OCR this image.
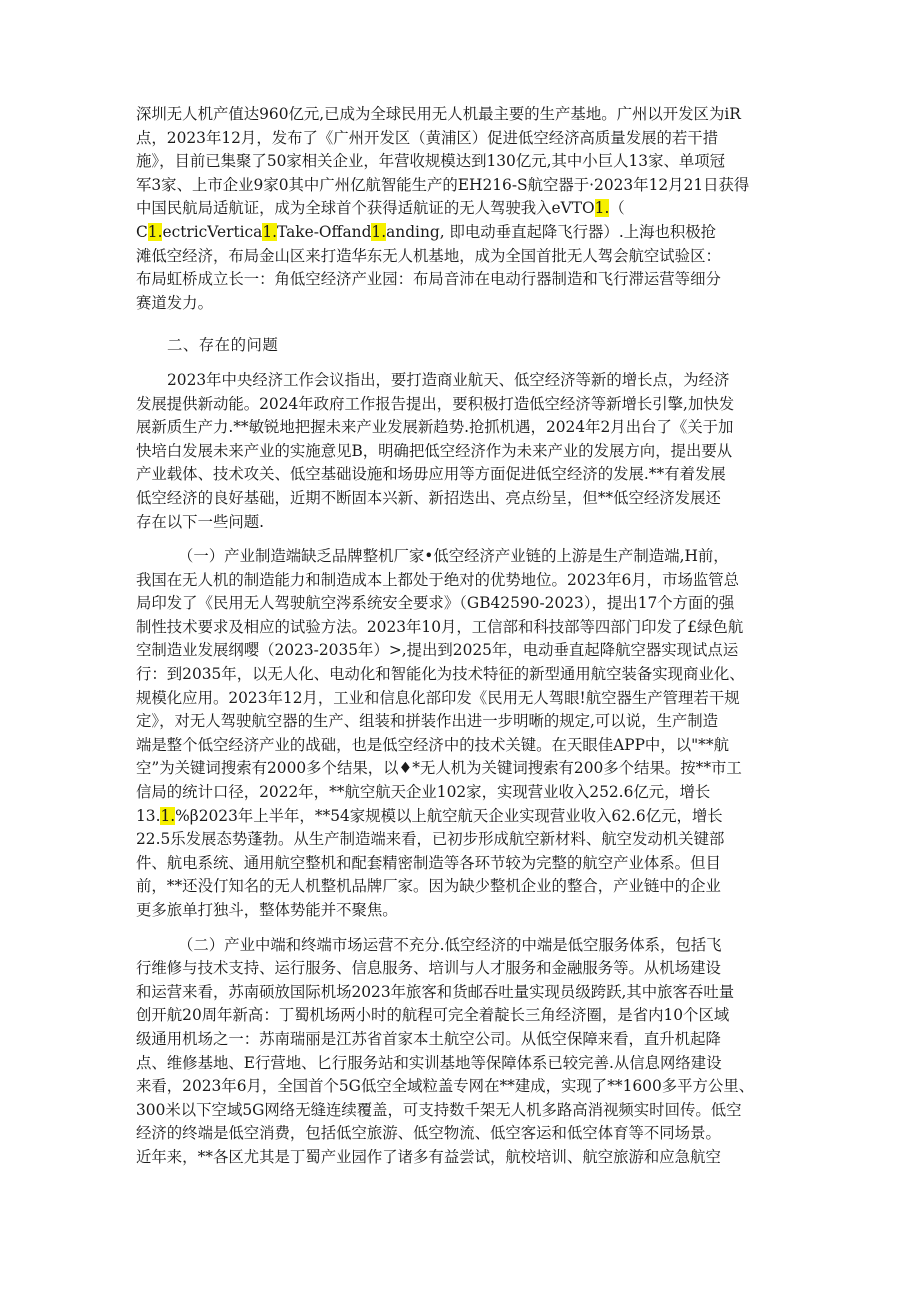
深圳无人机产值达960亿元,已成为全球民用无人机最主要的生产基地。广州以开发区为iR
点，2023年12月，发布了《广州开发区（黄浦区）促进低空经济高质量发展的若干措
施》，目前已集聚了50家相关企业，年营收规模达到130亿元,其中小巨人13家、单项冠
军3家、上市企业9家0其中广州亿航智能生产的EH216-S航空器于·2023年12月21日获得
中国民航局适航证，成为全球首个获得适航证的无人驾驶我入eVTO1.（
C1.ectricVertica1.Take-Offand1.anding, 即电动垂直起降飞行器）.上海也积极抢
滩低空经济，布局金山区来打造华东无人机基地，成为全国首批无人驾会航空试验区：
布局虹桥成立长一：角低空经济产业园：布局音沛在电动行器制造和飞行滞运营等细分
赛道发力。
二、存在的问题
2023年中央经济工作会议指出，要打造商业航天、低空经济等新的增长点，为经济
发展提供新动能。2024年政府工作报告提出，要积极打造低空经济等新增长引擎,加快发
展新质生产力.**敏锐地把握未来产业发展新趋势.抢抓机遇，2024年2月出台了《关于加
快培白发展未来产业的实施意见B，明确把低空经济作为未来产业的发展方向，提出要从
产业载体、技术攻关、低空基础设施和场毋应用等方面促进低空经济的发展.**有着发展
低空经济的良好基础，近期不断固本兴新、新招迭出、亮点纷呈，但**低空经济发展还
存在以下一些问题.
（一）产业制造端缺乏品牌整机厂家•低空经济产业链的上游是生产制造端,H前，
我国在无人机的制造能力和制造成本上都处于绝对的优势地位。2023年6月，市场监管总
局印发了《民用无人驾驶航空涔系统安全要求》（GB42590-2023），提出17个方面的强
制性技术要求及相应的试验方法。2023年10月，工信部和科技部等四部门印发了£绿色航
空制造业发展纲嘤（2023-2035年）>,提出到2025年，电动垂直起降航空器实现试点运
行：到2035年，以无人化、电动化和智能化为技术特征的新型通用航空装备实现商业化、
规模化应用。2023年12月，工业和信息化部印发《民用无人驾眼!航空器生产管理若干规
定》，对无人驾驶航空器的生产、组装和拼装作出进一步明晰的规定,可以说，生产制造
端是整个低空经济产业的战础，也是低空经济中的技术关键。在天眼佳APP中，以"**航
空”为关键词搜索有2000多个结果，以♦*无人机为关键词搜索有200多个结果。按**市工
信局的统计口径，2022年，**航空航天企业102家，实现营业收入252.6亿元，增长
13.1.%β2023年上半年，**54家规模以上航空航天企业实现营业收入62.6亿元，增长
22.5乐发展态势蓬勃。从生产制造端来看，已初步形成航空新材料、航空发动机关键部
件、航电系统、通用航空整机和配套精密制造等各环节较为完整的航空产业体系。但目
前，**还没仃知名的无人机整机品牌厂家。因为缺少整机企业的整合，产业链中的企业
更多旅单打独斗，整体势能并不聚焦。
（二）产业中端和终端市场运营不充分.低空经济的中端是低空服务体系，包括飞
行维修与技术支持、运行服务、信息服务、培训与人才服务和金融服务等。从机场建设
和运营来看，苏南硕放国际机场2023年旅客和货邮吞吐量实现员级跨跃,其中旅客吞吐量
创开航20周年新高：丁蜀机场两小时的航程可完全着靛长三角经济圈，是省内10个区域
级通用机场之一：苏南瑞丽是江苏省首家本土航空公司。从低空保障来看，直升机起降
点、维修基地、E行营地、匕行服务站和实训基地等保障体系已较完善.从信息网络建设
来看，2023年6月，全国首个5G低空全域粒盖专网在**建成，实现了**1600多平方公里、
300米以下空域5G网络无缝连续覆盖，可支持数千架无人机多路高消视频实时回传。低空
经济的终端是低空消费，包括低空旅游、低空物流、低空客运和低空体育等不同场景。
近年来，**各区尤其是丁蜀产业园作了诸多有益尝试，航校培训、航空旅游和应急航空
